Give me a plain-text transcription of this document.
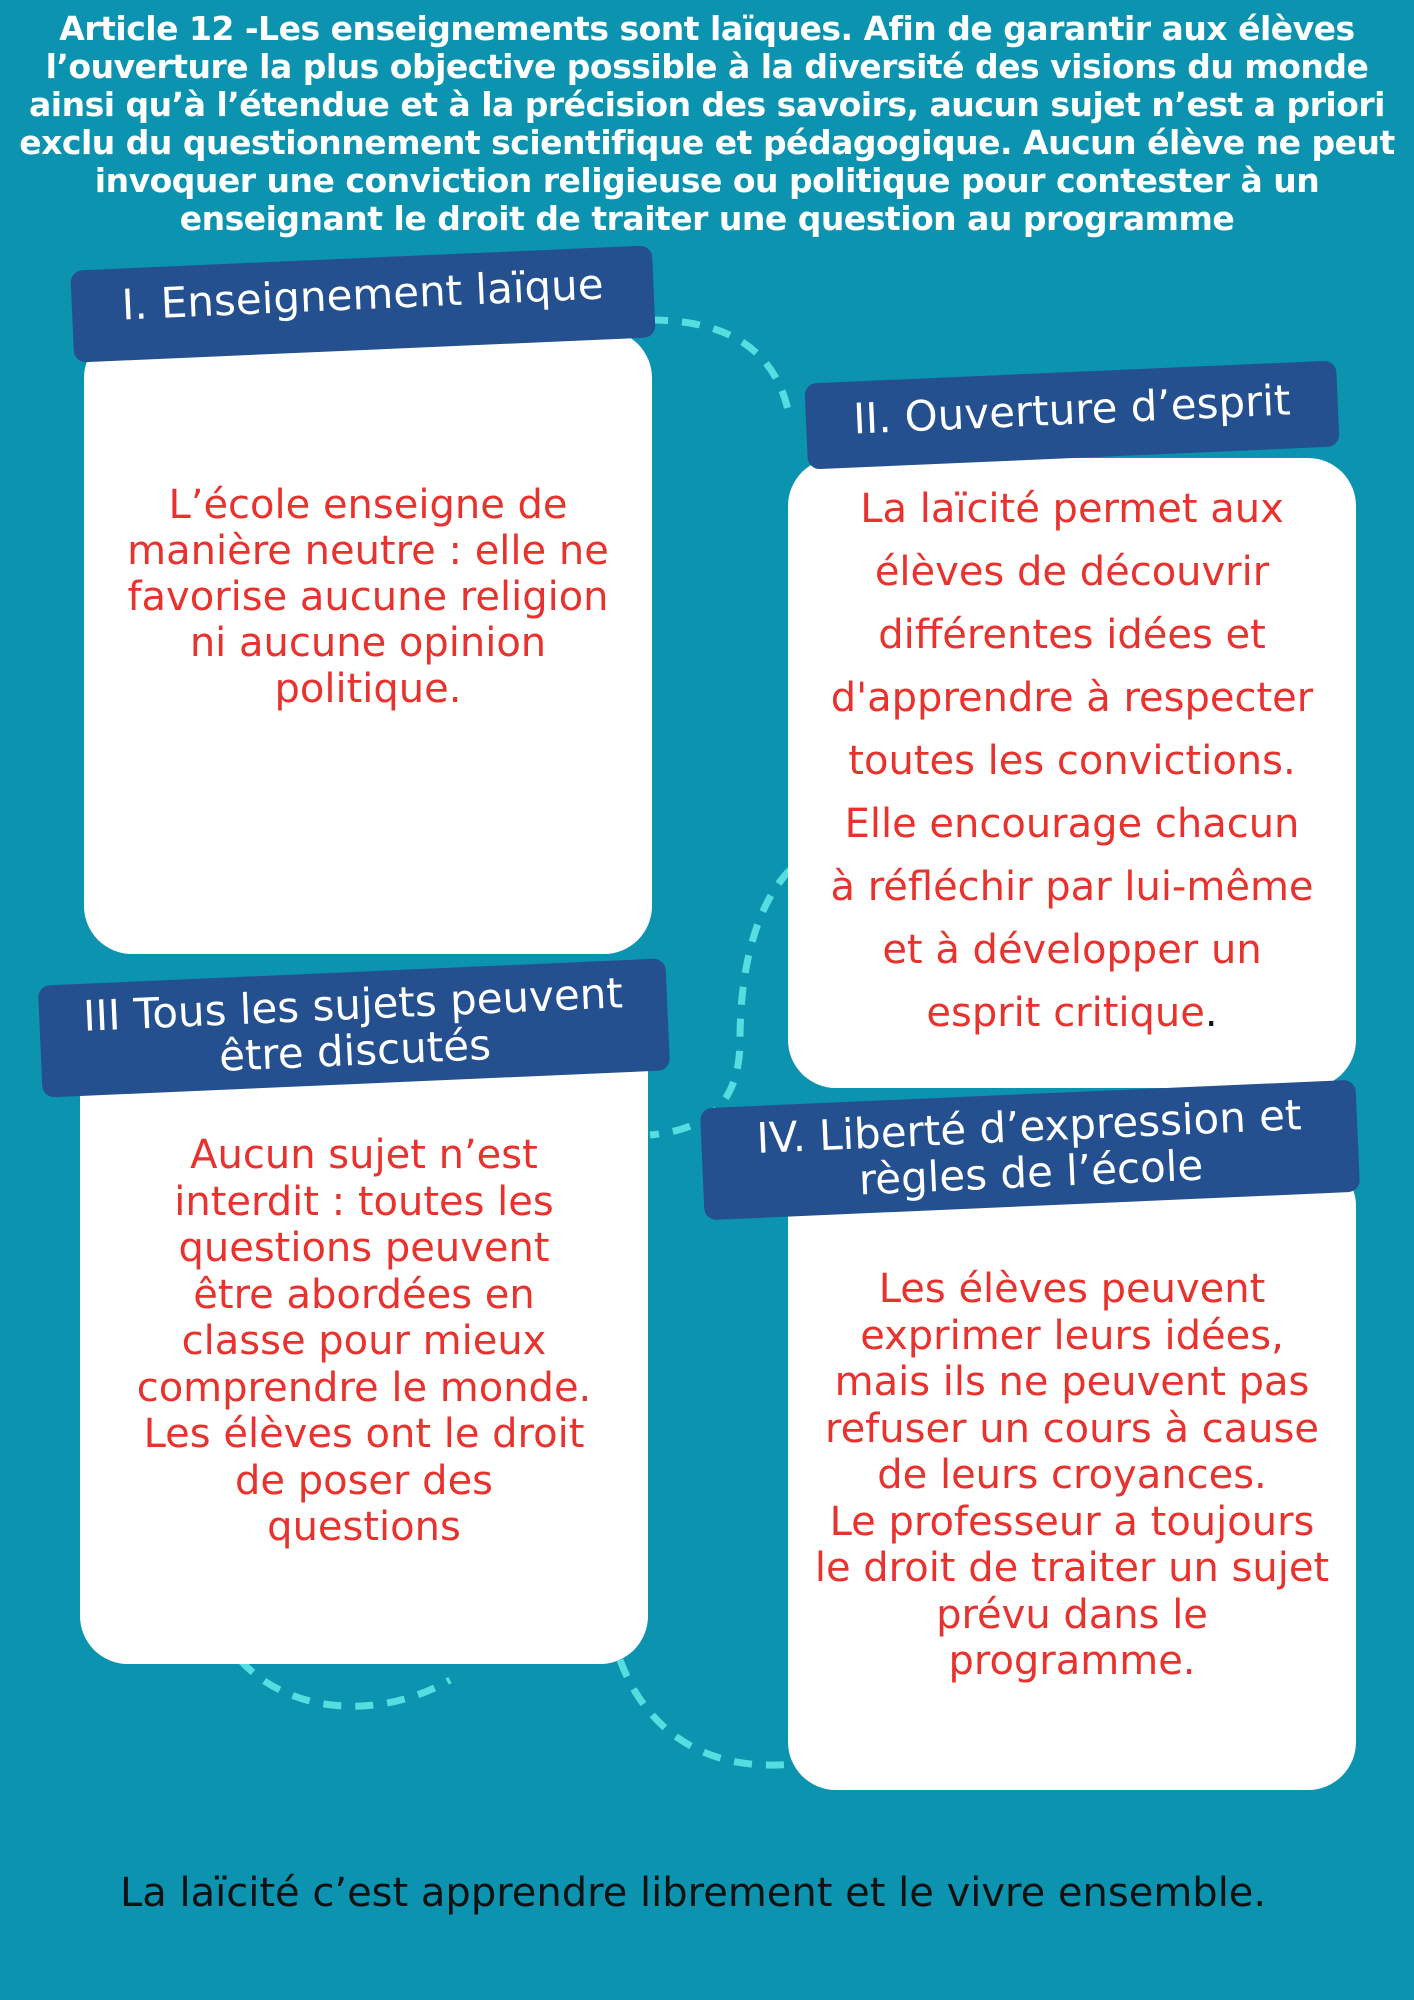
Article 12 -Les enseignements sont laïques. Afin de garantir aux élèves l’ouverture la plus objective possible à la diversité des visions du monde ainsi qu’à l’étendue et à la précision des savoirs, aucun sujet n’est a priori exclu du questionnement scientifique et pédagogique. Aucun élève ne peut invoquer une conviction religieuse ou politique pour contester à un enseignant le droit de traiter une question au programme
L’école enseigne de
manière neutre : elle ne
favorise aucune religion
ni aucune opinion
politique.
I. Enseignement laïque
La laïcité permet aux
élèves de découvrir
différentes idées et
d'apprendre à respecter
toutes les convictions.
Elle encourage chacun
à réfléchir par lui-même
et à développer un
esprit critique.
II. Ouverture d’esprit
Aucun sujet n’est
interdit : toutes les
questions peuvent
être abordées en
classe pour mieux
comprendre le monde.
Les élèves ont le droit
de poser des
questions
III Tous les sujets peuvent
être discutés
Les élèves peuvent
exprimer leurs idées,
mais ils ne peuvent pas
refuser un cours à cause
de leurs croyances.
Le professeur a toujours
le droit de traiter un sujet
prévu dans le
programme.
IV. Liberté d’expression et
règles de l’école
La laïcité c’est apprendre librement et le vivre ensemble.
